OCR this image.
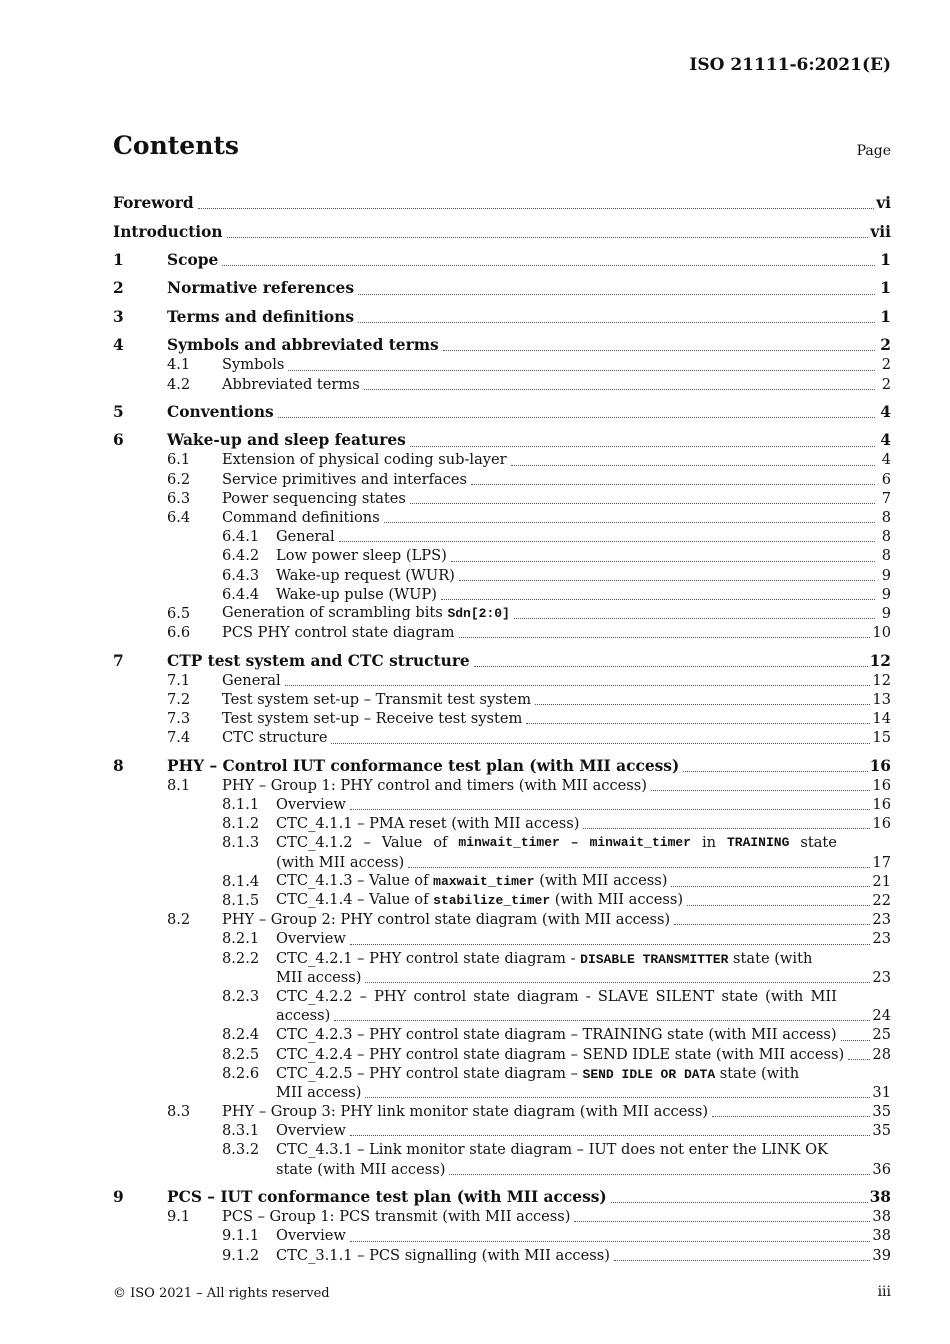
ISO 21111-6:2021(E)
Contents	Page
Foreword	vi
Introduction	vii
1	Scope	1
2	Normative references	1
3	Terms and definitions	1
4	Symbols and abbreviated terms	2
4.1 Symbols	2
4.2 Abbreviated terms	2
5	Conventions	4
6	Wake-up and sleep features	4
6.1 Extension of physical coding sub-layer	4
6.2 Service primitives and interfaces	6
6.3 Power sequencing states	7
6.4 Command definitions	8
6.4.1 General	8
6.4.2 Low power sleep (LPS)	8
6.4.3 Wake-up request (WUR)	9
6.4.4 Wake-up pulse (WUP)	9
6.5 Generation of scrambling bits Sdn[2:0]	9
6.6 PCS PHY control state diagram	10
7	CTP test system and CTC structure	12
7.1 General	12
7.2 Test system set-up – Transmit test system	13
7.3 Test system set-up – Receive test system	14
7.4 CTC structure	15
8	PHY – Control IUT conformance test plan (with MII access)	16
8.1 PHY – Group 1: PHY control and timers (with MII access)	16
8.1.1 Overview	16
8.1.2 CTC_4.1.1 – PMA reset (with MII access)	16
8.1.3 CTC_4.1.2 – Value of minwait_timer – minwait_timer in TRAINING state
(with MII access)	17
8.1.4 CTC_4.1.3 – Value of maxwait_timer (with MII access)	21
8.1.5 CTC_4.1.4 – Value of stabilize_timer (with MII access)	22
8.2 PHY – Group 2: PHY control state diagram (with MII access)	23
8.2.1 Overview	23
8.2.2 CTC_4.2.1 – PHY control state diagram - DISABLE TRANSMITTER state (with
MII access)	23
8.2.3 CTC_4.2.2 – PHY control state diagram - SLAVE SILENT state (with MII
access)	24
8.2.4 CTC_4.2.3 – PHY control state diagram – TRAINING state (with MII access) 25
8.2.5 CTC_4.2.4 – PHY control state diagram – SEND IDLE state (with MII access) 28
8.2.6 CTC_4.2.5 – PHY control state diagram – SEND IDLE OR DATA state (with
MII access)	31
8.3 PHY – Group 3: PHY link monitor state diagram (with MII access)	35
8.3.1 Overview	35
8.3.2 CTC_4.3.1 – Link monitor state diagram – IUT does not enter the LINK OK
state (with MII access)	36
9	PCS – IUT conformance test plan (with MII access)	38
9.1 PCS – Group 1: PCS transmit (with MII access)	38
9.1.1 Overview	38
9.1.2 CTC_3.1.1 – PCS signalling (with MII access)	39
© ISO 2021 – All rights reserved	iii
